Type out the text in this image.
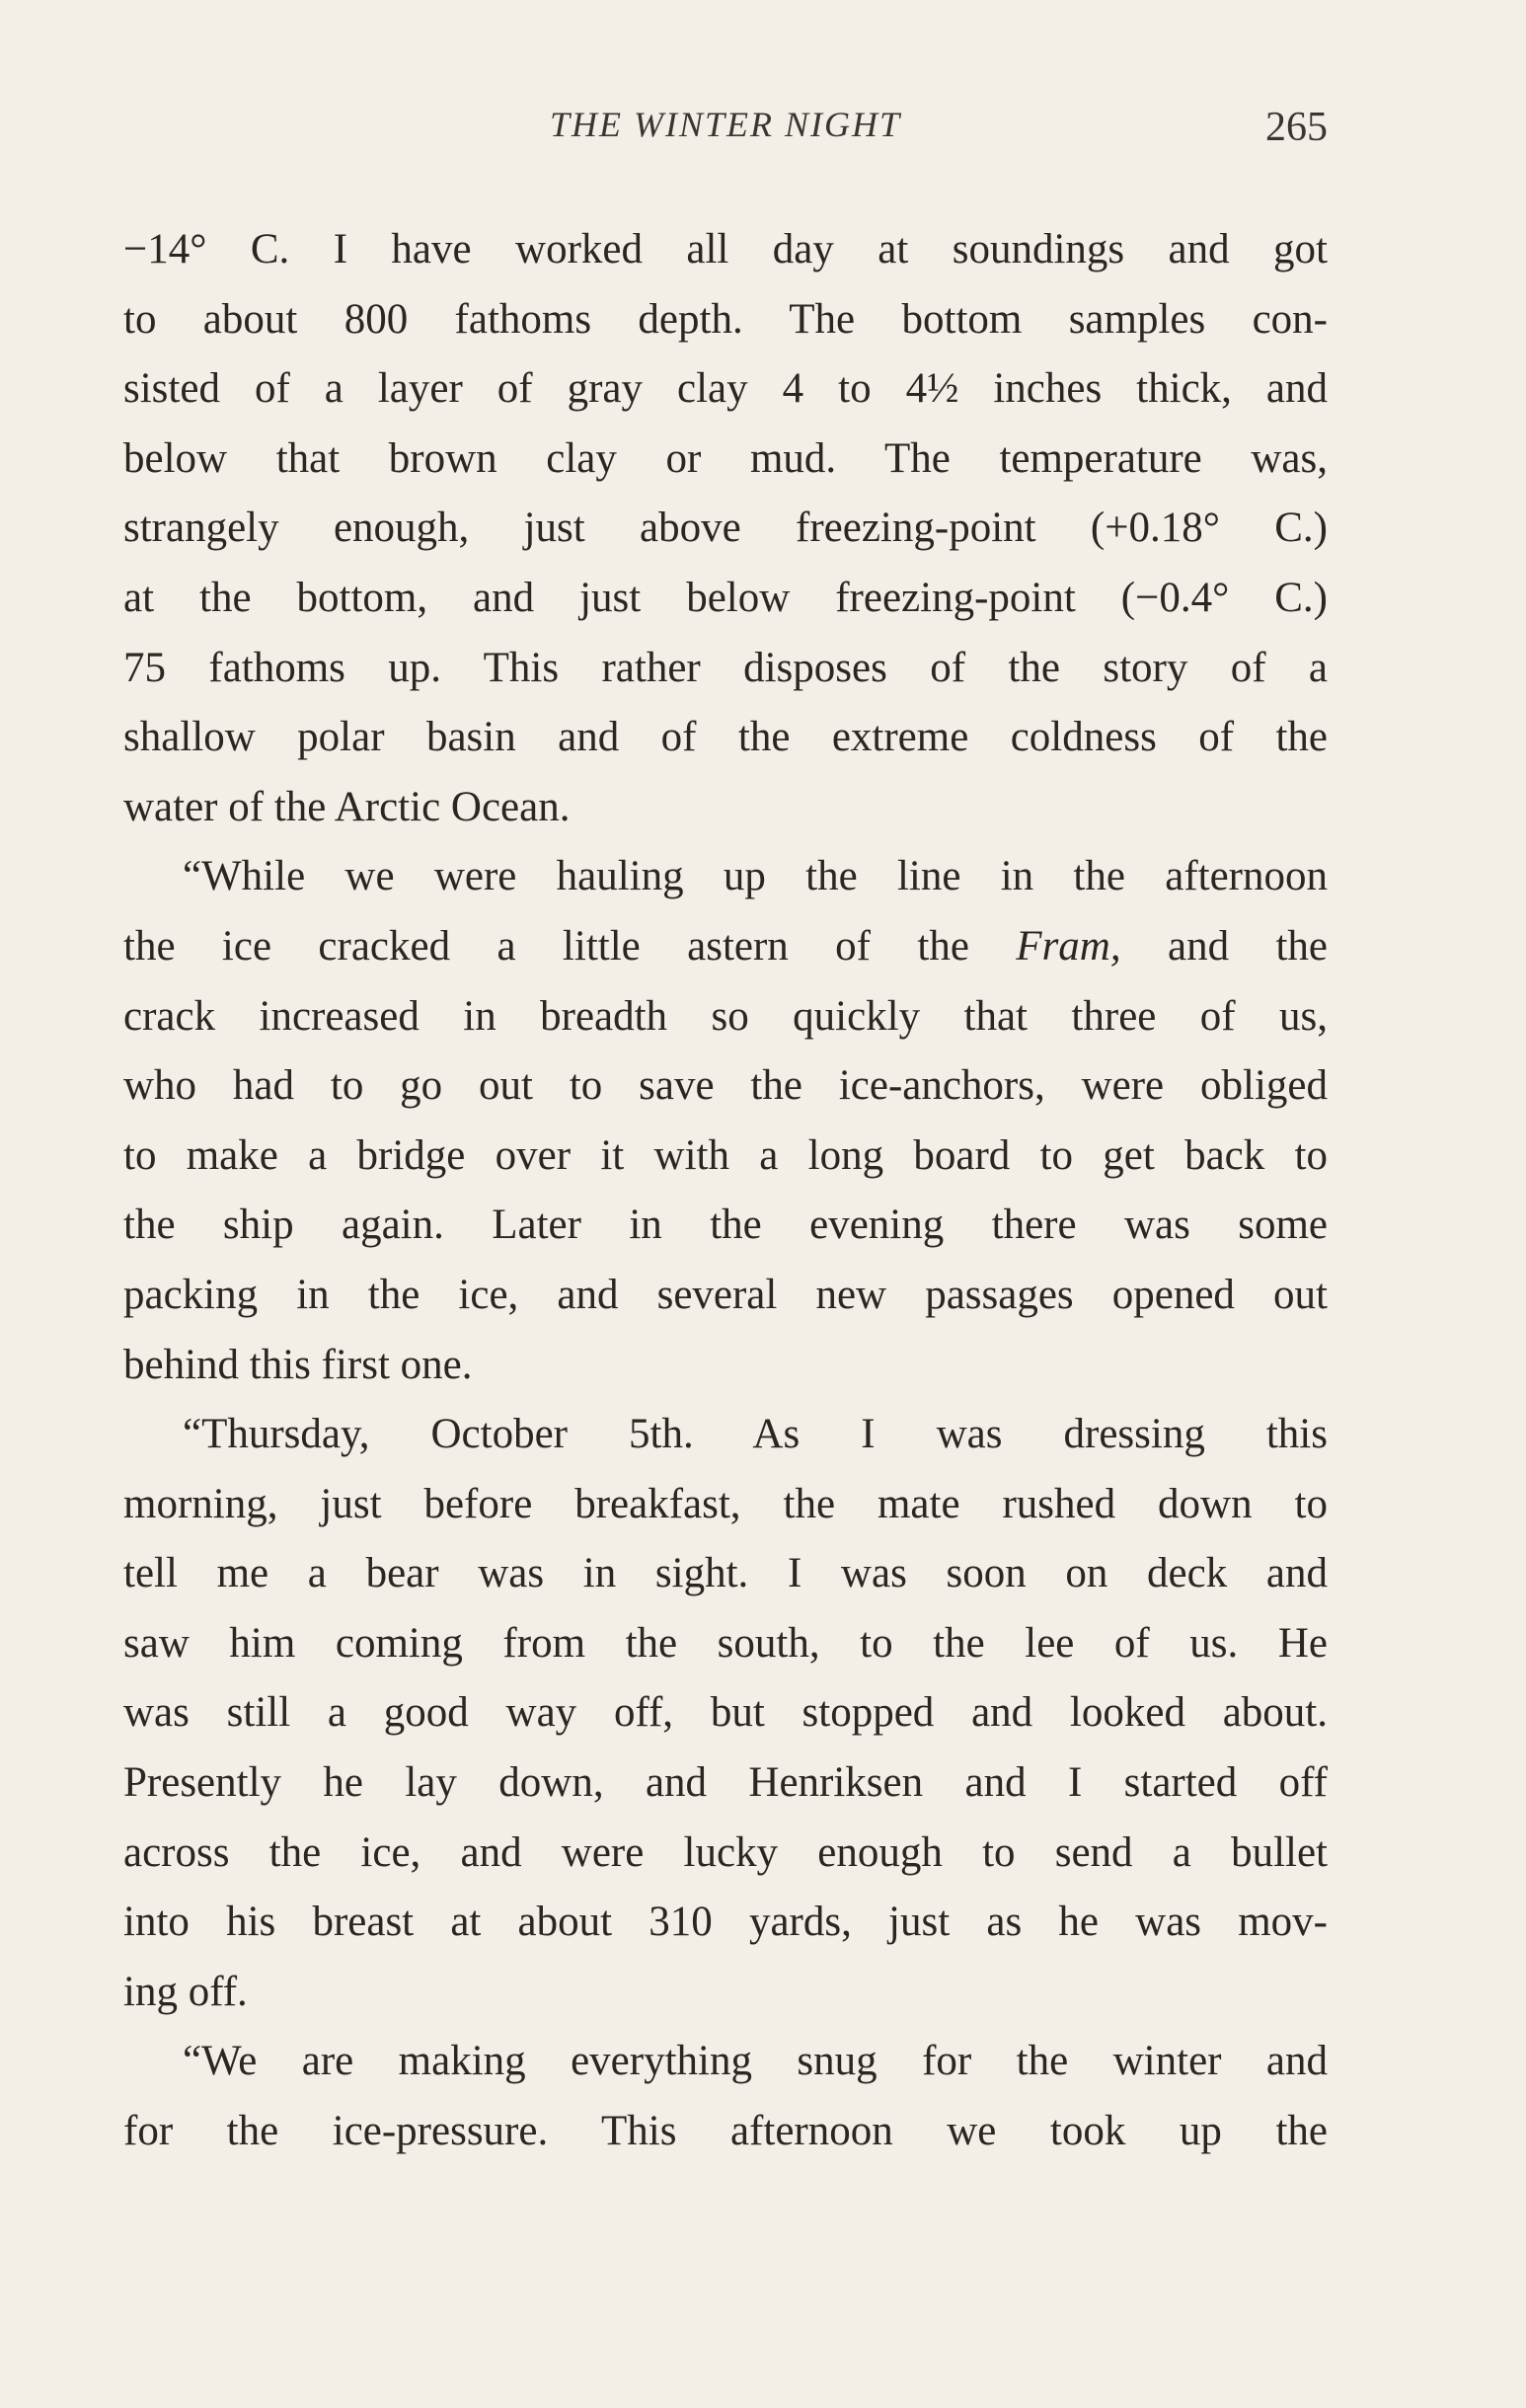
THE WINTER NIGHT	265
−14° C. I have worked all day at soundings and got
to about 800 fathoms depth. The bottom samples con-
sisted of a layer of gray clay 4 to 4½ inches thick, and
below that brown clay or mud. The temperature was,
strangely enough, just above freezing-point (+0.18° C.)
at the bottom, and just below freezing-point (−0.4° C.)
75 fathoms up. This rather disposes of the story of a
shallow polar basin and of the extreme coldness of the
water of the Arctic Ocean.
“While we were hauling up the line in the afternoon
the ice cracked a little astern of the Fram, and the
crack increased in breadth so quickly that three of us,
who had to go out to save the ice-anchors, were obliged
to make a bridge over it with a long board to get back to
the ship again. Later in the evening there was some
packing in the ice, and several new passages opened out
behind this first one.
“Thursday, October 5th. As I was dressing this
morning, just before breakfast, the mate rushed down to
tell me a bear was in sight. I was soon on deck and
saw him coming from the south, to the lee of us. He
was still a good way off, but stopped and looked about.
Presently he lay down, and Henriksen and I started off
across the ice, and were lucky enough to send a bullet
into his breast at about 310 yards, just as he was mov-
ing off.
“We are making everything snug for the winter and
for the ice-pressure. This afternoon we took up the
